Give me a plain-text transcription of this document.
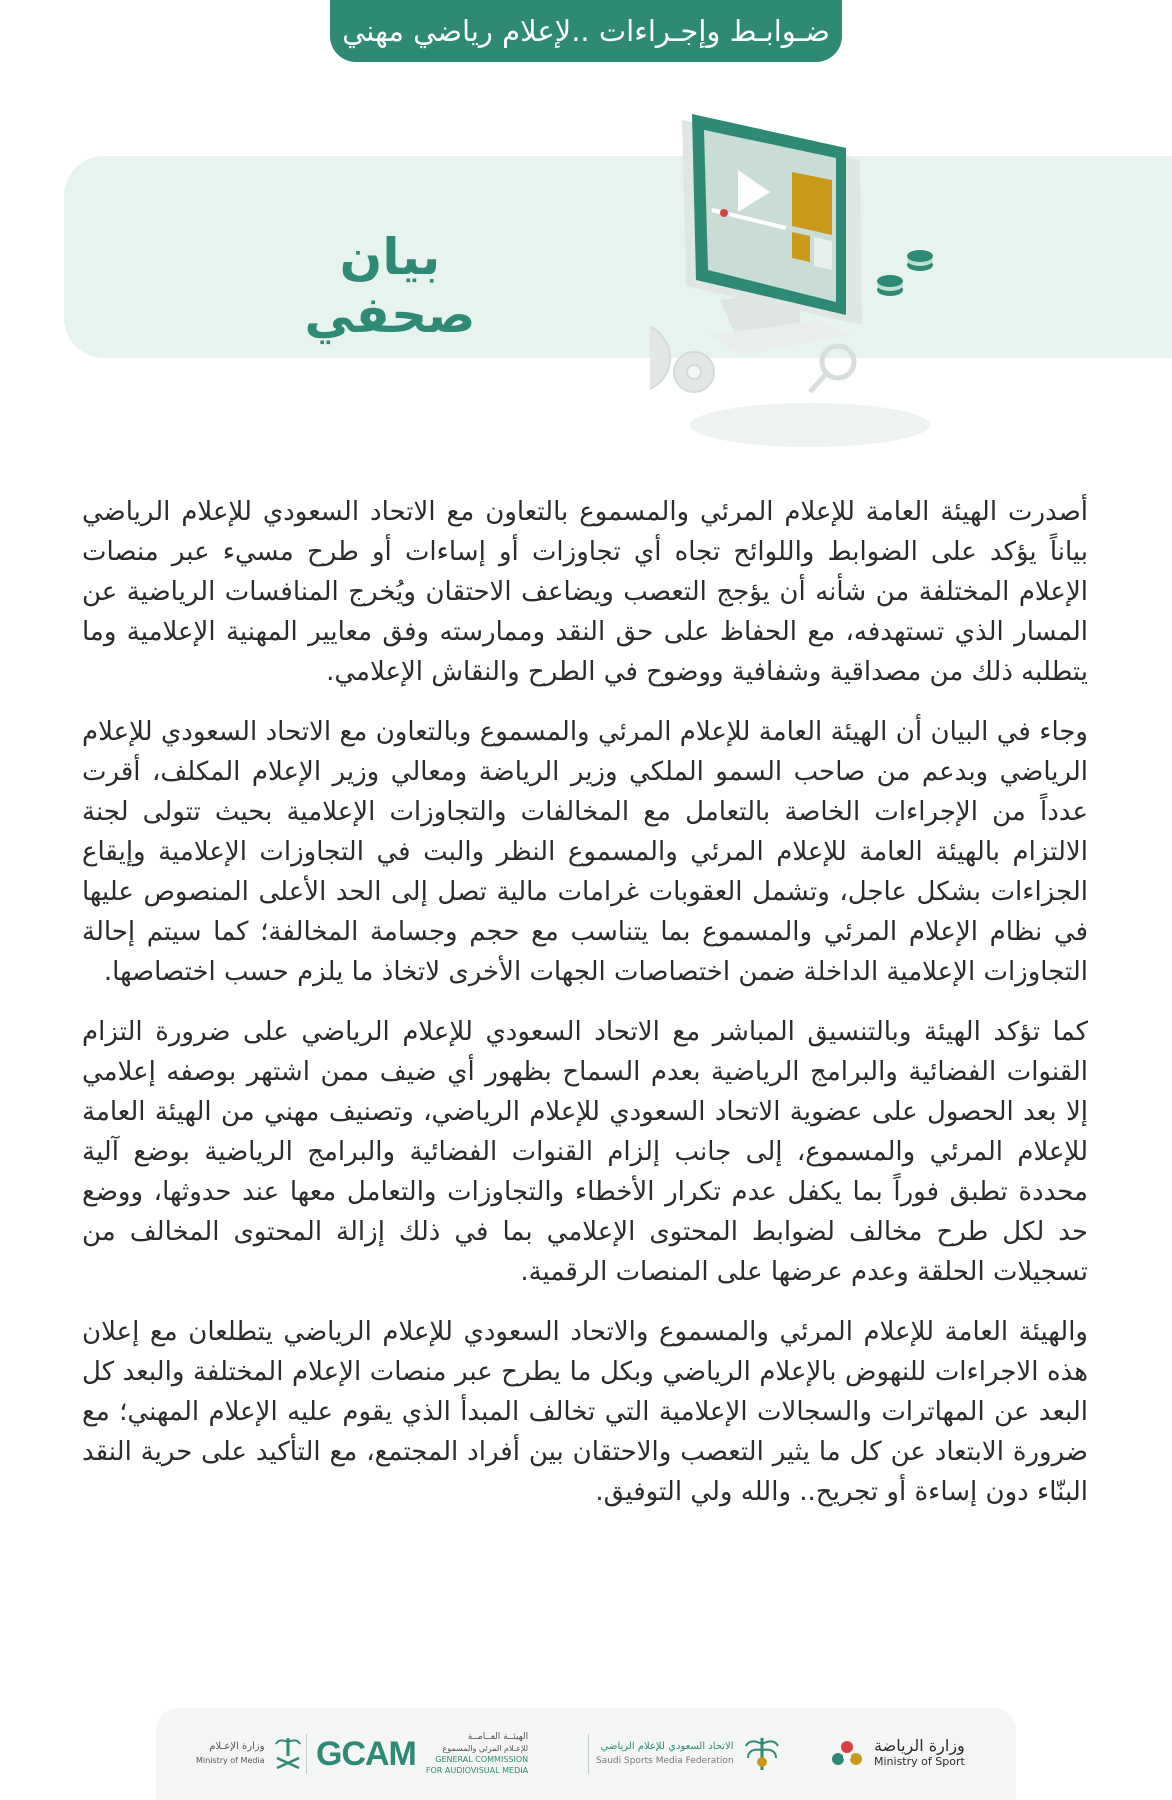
ضـوابـط وإجـراءات ..لإعلام رياضي مهني
بيان صحفي

أصدرت الهيئة العامة للإعلام المرئي والمسموع بالتعاون مع الاتحاد السعودي للإعلام الرياضي بياناً يؤكد على الضوابط واللوائح تجاه أي تجاوزات أو إساءات أو طرح مسيء عبر منصات الإعلام المختلفة من شأنه أن يؤجج التعصب ويضاعف الاحتقان ويُخرج المنافسات الرياضية عن المسار الذي تستهدفه، مع الحفاظ على حق النقد وممارسته وفق معايير المهنية الإعلامية وما يتطلبه ذلك من مصداقية وشفافية ووضوح في الطرح والنقاش الإعلامي.

وجاء في البيان أن الهيئة العامة للإعلام المرئي والمسموع وبالتعاون مع الاتحاد السعودي للإعلام الرياضي وبدعم من صاحب السمو الملكي وزير الرياضة ومعالي وزير الإعلام المكلف، أقرت عدداً من الإجراءات الخاصة بالتعامل مع المخالفات والتجاوزات الإعلامية بحيث تتولى لجنة الالتزام بالهيئة العامة للإعلام المرئي والمسموع النظر والبت في التجاوزات الإعلامية وإيقاع الجزاءات بشكل عاجل، وتشمل العقوبات غرامات مالية تصل إلى الحد الأعلى المنصوص عليها في نظام الإعلام المرئي والمسموع بما يتناسب مع حجم وجسامة المخالفة؛ كما سيتم إحالة التجاوزات الإعلامية الداخلة ضمن اختصاصات الجهات الأخرى لاتخاذ ما يلزم حسب اختصاصها.

كما تؤكد الهيئة وبالتنسيق المباشر مع الاتحاد السعودي للإعلام الرياضي على ضرورة التزام القنوات الفضائية والبرامج الرياضية بعدم السماح بظهور أي ضيف ممن اشتهر بوصفه إعلامي إلا بعد الحصول على عضوية الاتحاد السعودي للإعلام الرياضي، وتصنيف مهني من الهيئة العامة للإعلام المرئي والمسموع، إلى جانب إلزام القنوات الفضائية والبرامج الرياضية بوضع آلية محددة تطبق فوراً بما يكفل عدم تكرار الأخطاء والتجاوزات والتعامل معها عند حدوثها، ووضع حد لكل طرح مخالف لضوابط المحتوى الإعلامي بما في ذلك إزالة المحتوى المخالف من تسجيلات الحلقة وعدم عرضها على المنصات الرقمية.

والهيئة العامة للإعلام المرئي والمسموع والاتحاد السعودي للإعلام الرياضي يتطلعان مع إعلان هذه الاجراءات للنهوض بالإعلام الرياضي وبكل ما يطرح عبر منصات الإعلام المختلفة والبعد كل البعد عن المهاترات والسجالات الإعلامية التي تخالف المبدأ الذي يقوم عليه الإعلام المهني؛ مع ضرورة الابتعاد عن كل ما يثير التعصب والاحتقان بين أفراد المجتمع، مع التأكيد على حرية النقد البنّاء دون إساءة أو تجريح.. والله ولي التوفيق.

وزارة الرياضة
Ministry of Sport
الاتحاد السعودي للإعلام الرياضي
Saudi Sports Media Federation
GCAM	الهيئــة العــامــة
للإعـلام المرئي والمسموع
GENERAL COMMISSION
FOR AUDIOVISUAL MEDIA
وزارة الإعـلام
Ministry of Media
